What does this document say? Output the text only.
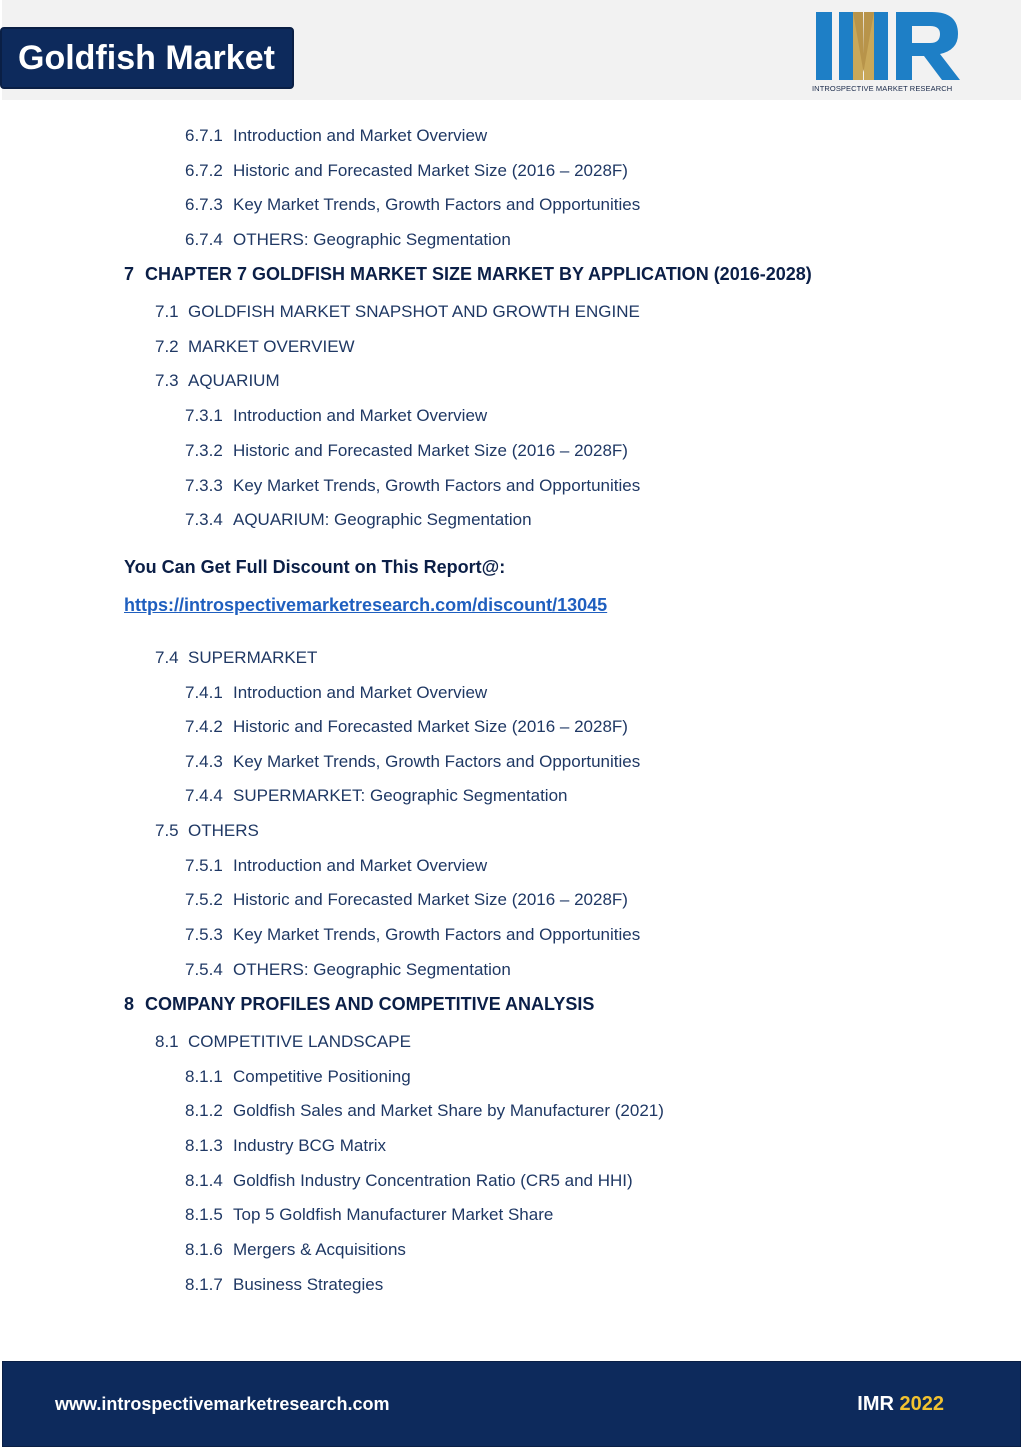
Goldfish Market
INTROSPECTIVE MARKET RESEARCH
6.7.1 Introduction and Market Overview
6.7.2 Historic and Forecasted Market Size (2016 – 2028F)
6.7.3 Key Market Trends, Growth Factors and Opportunities
6.7.4 OTHERS: Geographic Segmentation
7 CHAPTER 7 GOLDFISH MARKET SIZE MARKET BY APPLICATION (2016-2028)
7.1 GOLDFISH MARKET SNAPSHOT AND GROWTH ENGINE
7.2 MARKET OVERVIEW
7.3 AQUARIUM
7.3.1 Introduction and Market Overview
7.3.2 Historic and Forecasted Market Size (2016 – 2028F)
7.3.3 Key Market Trends, Growth Factors and Opportunities
7.3.4 AQUARIUM: Geographic Segmentation
You Can Get Full Discount on This Report@:
https://introspectivemarketresearch.com/discount/13045
7.4 SUPERMARKET
7.4.1 Introduction and Market Overview
7.4.2 Historic and Forecasted Market Size (2016 – 2028F)
7.4.3 Key Market Trends, Growth Factors and Opportunities
7.4.4 SUPERMARKET: Geographic Segmentation
7.5 OTHERS
7.5.1 Introduction and Market Overview
7.5.2 Historic and Forecasted Market Size (2016 – 2028F)
7.5.3 Key Market Trends, Growth Factors and Opportunities
7.5.4 OTHERS: Geographic Segmentation
8 COMPANY PROFILES AND COMPETITIVE ANALYSIS
8.1 COMPETITIVE LANDSCAPE
8.1.1 Competitive Positioning
8.1.2 Goldfish Sales and Market Share by Manufacturer (2021)
8.1.3 Industry BCG Matrix
8.1.4 Goldfish Industry Concentration Ratio (CR5 and HHI)
8.1.5 Top 5 Goldfish Manufacturer Market Share
8.1.6 Mergers & Acquisitions
8.1.7 Business Strategies
www.introspectivemarketresearch.com	IMR 2022
